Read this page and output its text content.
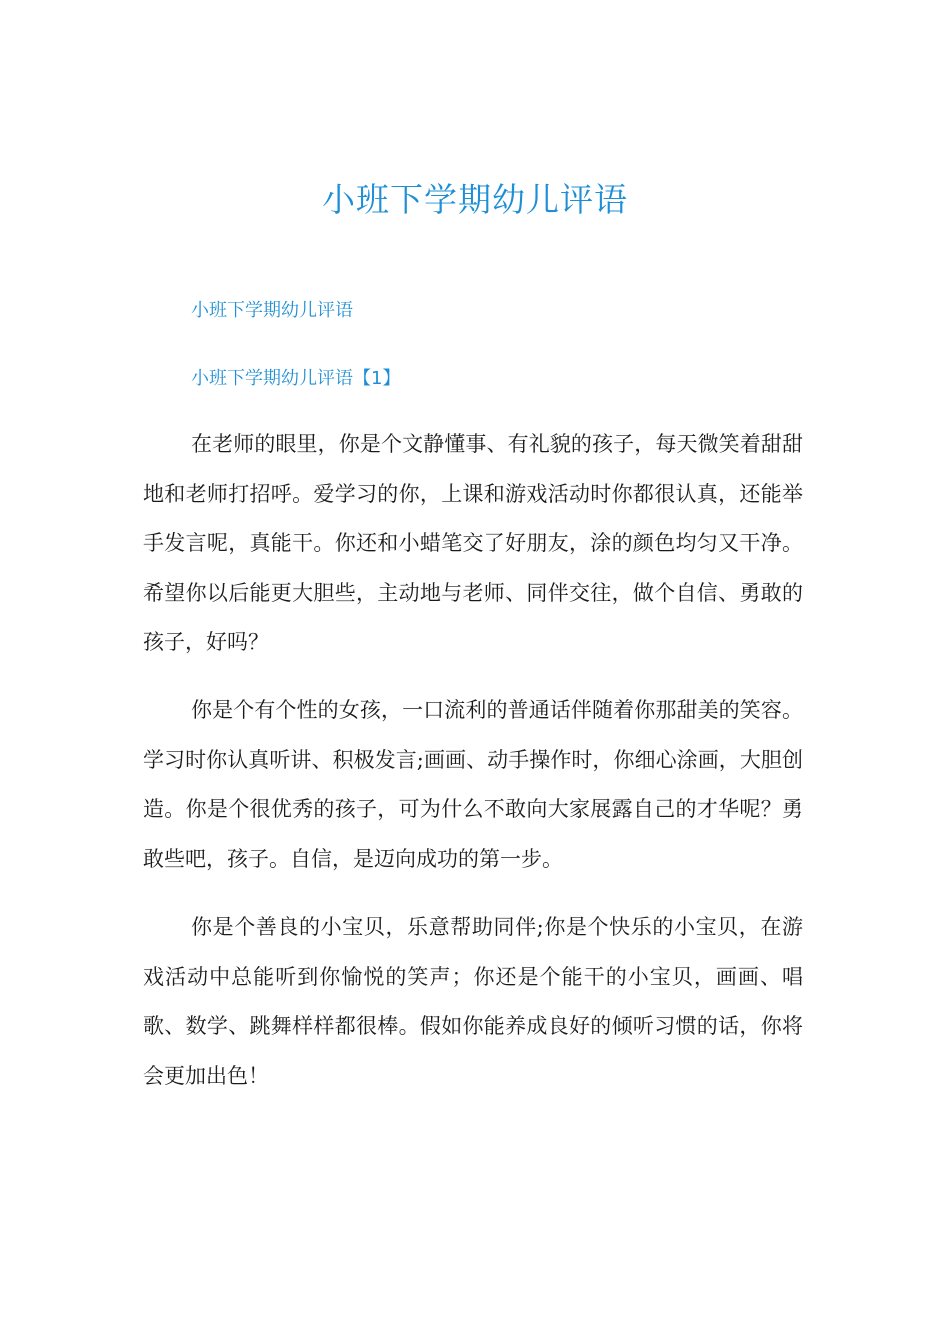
小班下学期幼儿评语
小班下学期幼儿评语
小班下学期幼儿评语【1】

在老师的眼里，你是个文静懂事、有礼貌的孩子，每天微笑着甜甜地和老师打招呼。爱学习的你，上课和游戏活动时你都很认真，还能举手发言呢，真能干。你还和小蜡笔交了好朋友，涂的颜色均匀又干净。希望你以后能更大胆些，主动地与老师、同伴交往，做个自信、勇敢的孩子，好吗？

你是个有个性的女孩，一口流利的普通话伴随着你那甜美的笑容。学习时你认真听讲、积极发言;画画、动手操作时，你细心涂画，大胆创造。你是个很优秀的孩子，可为什么不敢向大家展露自己的才华呢？勇敢些吧，孩子。自信，是迈向成功的第一步。

你是个善良的小宝贝，乐意帮助同伴;你是个快乐的小宝贝，在游戏活动中总能听到你愉悦的笑声；你还是个能干的小宝贝，画画、唱歌、数学、跳舞样样都很棒。假如你能养成良好的倾听习惯的话，你将会更加出色！
